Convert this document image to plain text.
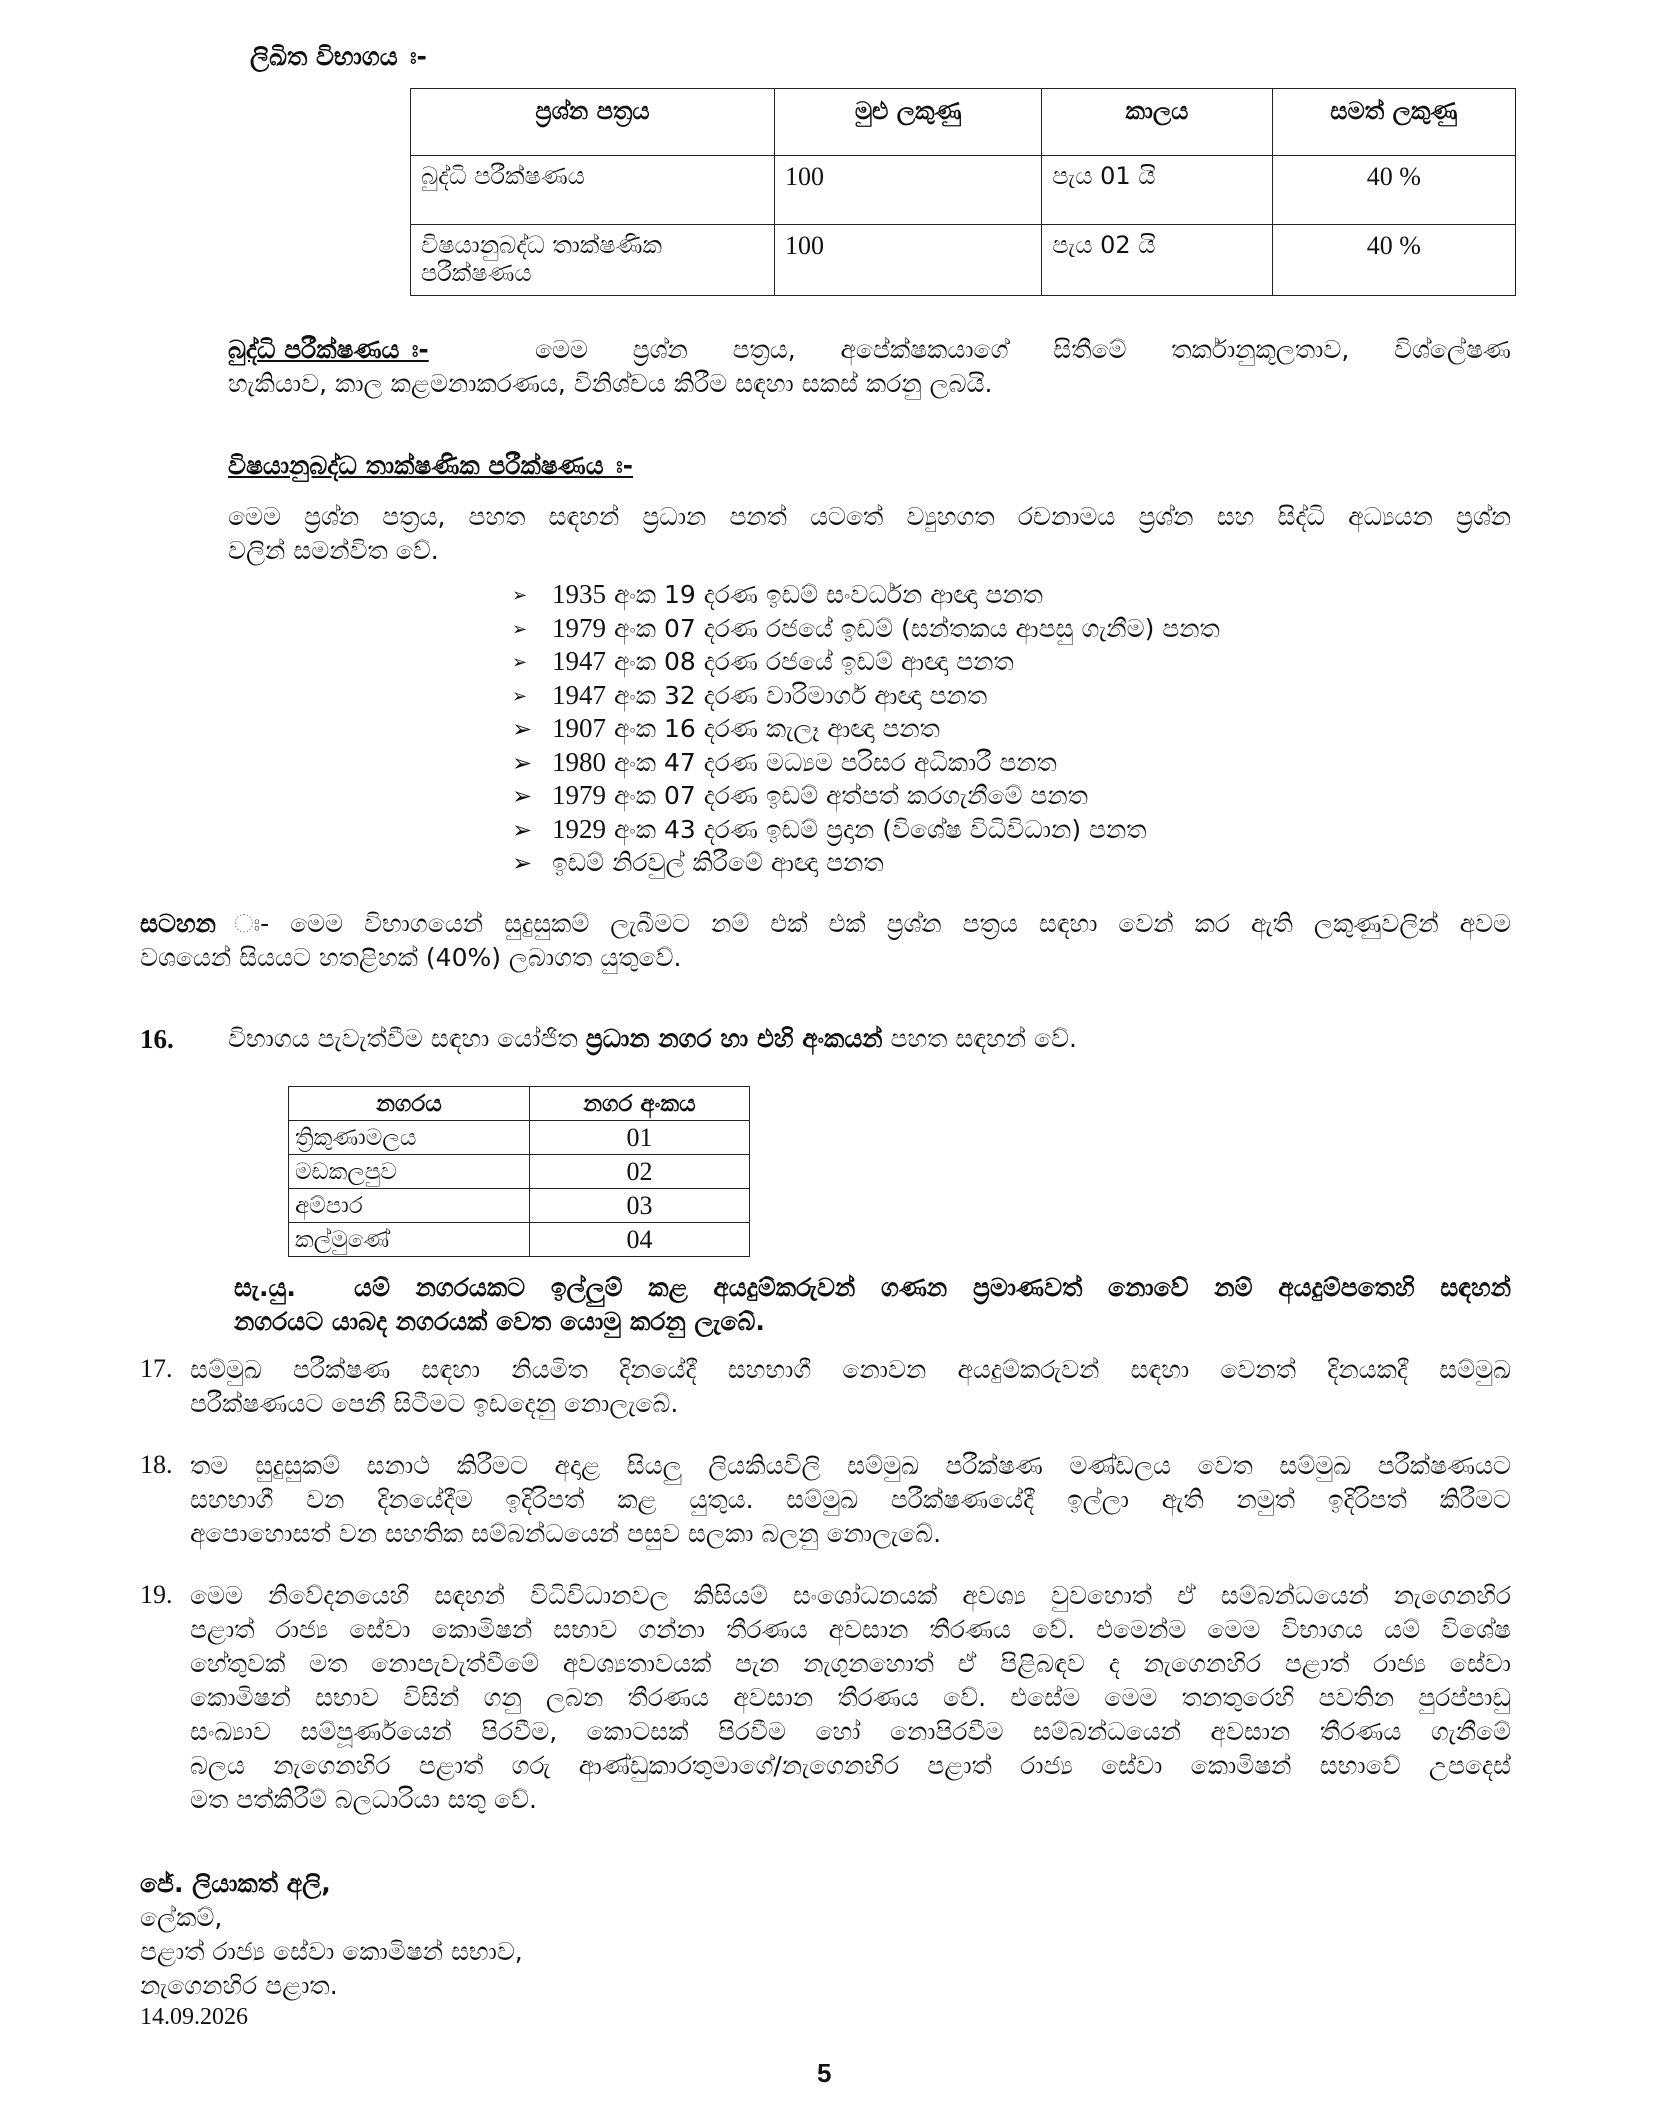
ලිඛිත විභාගය ඃ-
ප්‍රශ්න පත්‍රය	මුළු ලකුණු	කාලය	සමත් ලකුණු
බුද්ධි පරීක්ෂණය	100	පැය 01 යි	40 %
විෂයානුබද්ධ තාක්ෂණික පරීක්ෂණය	100	පැය 02 යි	40 %
බුද්ධි පරීක්ෂණය ඃ-	මෙම ප්‍රශ්න පත්‍රය, අපේක්ෂකයාගේ සිතීමේ තර්කානුකූලතාව, විශ්ලේෂණ
හැකියාව, කාල කළමනාකරණය, විනිශ්චය කිරීම සඳහා සකස් කරනු ලබයි.
විෂයානුබද්ධ තාක්ෂණික පරීක්ෂණය ඃ-
මෙම ප්‍රශ්න පත්‍රය, පහත සඳහන් ප්‍රධාන පනත් යටතේ ව්‍යුහගත රචනාමය ප්‍රශ්න සහ සිද්ධි අධ්‍යයන ප්‍රශ්න
වලින් සමන්විත වේ.
➢ 1935 අංක 19 දරණ ඉඩම් සංවර්ධන ආඥා පනත
➢ 1979 අංක 07 දරණ රජයේ ඉඩම් (සන්තකය ආපසු ගැනීම) පනත
➢ 1947 අංක 08 දරණ රජයේ ඉඩම් ආඥා පනත
➢ 1947 අංක 32 දරණ වාරිමාර්ග ආඥා පනත
➢ 1907 අංක 16 දරණ කැලෑ ආඥා පනත
➢ 1980 අංක 47 දරණ මධ්‍යම පරිසර අධිකාරී පනත
➢ 1979 අංක 07 දරණ ඉඩම් අත්පත් කරගැනීමේ පනත
➢ 1929 අංක 43 දරණ ඉඩම් ප්‍රදාන (විශේෂ විධිවිධාන) පනත
➢ ඉඩම් නිරවුල් කිරීමේ ආඥා පනත
සටහන ඃ- මෙම විභාගයෙන් සුදුසුකම් ලැබීමට නම් එක් එක් ප්‍රශ්න පත්‍රය සඳහා වෙන් කර ඇති ලකුණුවලින් අවම
වශයෙන් සියයට හතළිහක් (40%) ලබාගත යුතුවේ.
16. විභාගය පැවැත්වීම සඳහා යෝජිත ප්‍රධාන නගර හා එහි අංකයන් පහත සඳහන් වේ.
නගරය	නගර අංකය
ත්‍රිකුණාමලය	01
මඩකලපුව	02
අම්පාර	03
කල්මුණේ	04
සැ.යු. යම් නගරයකට ඉල්ලුම් කළ අයදුම්කරුවන් ගණන ප්‍රමාණවත් නොවේ නම් අයදුම්පතෙහි සඳහන්
නගරයට යාබද නගරයක් වෙත යොමු කරනු ලැබේ.
17. සම්මුඛ පරීක්ෂණ සඳහා නියමිත දිනයේදී සහභාගී නොවන අයදුම්කරුවන් සඳහා වෙනත් දිනයකදී සම්මුඛ
පරීක්ෂණයට පෙනී සිටීමට ඉඩදෙනු නොලැබේ.
18. තම සුදුසුකම් සනාථ කිරීමට අදාළ සියලු ලියකියවිලි සම්මුඛ පරීක්ෂණ මණ්ඩලය වෙත සම්මුඛ පරීක්ෂණයට
සහභාගී වන දිනයේදීම ඉදිරිපත් කළ යුතුය. සම්මුඛ පරීක්ෂණයේදී ඉල්ලා ඇති නමුත් ඉදිරිපත් කිරීමට
අපොහොසත් වන සහතික සම්බන්ධයෙන් පසුව සලකා බලනු නොලැබේ.
19. මෙම නිවේදනයෙහි සඳහන් විධිවිධානවල කිසියම් සංශෝධනයක් අවශ්‍ය වුවහොත් ඒ සම්බන්ධයෙන් නැගෙනහිර
පළාත් රාජ්‍ය සේවා කොමිෂන් සභාව ගන්නා තීරණය අවසාන තීරණය වේ. එමෙන්ම මෙම විභාගය යම් විශේෂ
හේතුවක් මත නොපැවැත්වීමේ අවශ්‍යතාවයක් පැන නැගුනහොත් ඒ පිළිබඳව ද නැගෙනහිර පළාත් රාජ්‍ය සේවා
කොමිෂන් සභාව විසින් ගනු ලබන තීරණය අවසාන තීරණය වේ. එසේම මෙම තනතුරෙහි පවතින පුරප්පාඩු
සංඛ්‍යාව සම්පූර්ණයෙන් පිරවීම, කොටසක් පිරවීම හෝ නොපිරවීම සම්බන්ධයෙන් අවසාන තීරණය ගැනීමේ
බලය නැගෙනහිර පළාත් ගරු ආණ්ඩුකාරතුමාගේ/නැගෙනහිර පළාත් රාජ්‍ය සේවා කොමිෂන් සභාවේ උපදෙස්
මත පත්කිරීම් බලධාරියා සතු වේ.
ජේ. ලියාකත් අලි,
ලේකම්,
පළාත් රාජ්‍ය සේවා කොමිෂන් සභාව,
නැගෙනහිර පළාත.
14.09.2026
5
